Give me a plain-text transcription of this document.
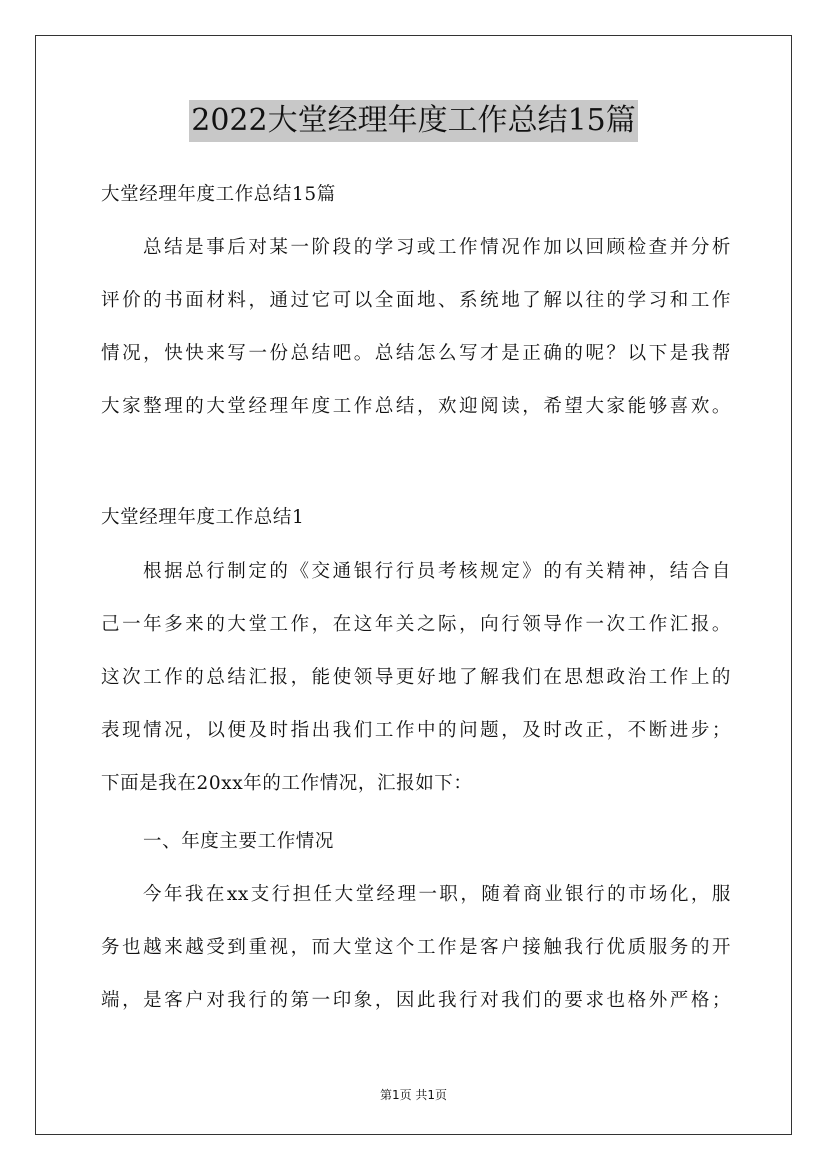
2022大堂经理年度工作总结15篇
大堂经理年度工作总结15篇
总结是事后对某一阶段的学习或工作情况作加以回顾检查并分析
评价的书面材料，通过它可以全面地、系统地了解以往的学习和工作
情况，快快来写一份总结吧。总结怎么写才是正确的呢？以下是我帮
大家整理的大堂经理年度工作总结，欢迎阅读，希望大家能够喜欢。
大堂经理年度工作总结1
根据总行制定的《交通银行行员考核规定》的有关精神，结合自
己一年多来的大堂工作，在这年关之际，向行领导作一次工作汇报。
这次工作的总结汇报，能使领导更好地了解我们在思想政治工作上的
表现情况，以便及时指出我们工作中的问题，及时改正，不断进步；
下面是我在20xx年的工作情况，汇报如下：
一、年度主要工作情况
今年我在xx支行担任大堂经理一职，随着商业银行的市场化，服
务也越来越受到重视，而大堂这个工作是客户接触我行优质服务的开
端，是客户对我行的第一印象，因此我行对我们的要求也格外严格；
第1页 共1页
